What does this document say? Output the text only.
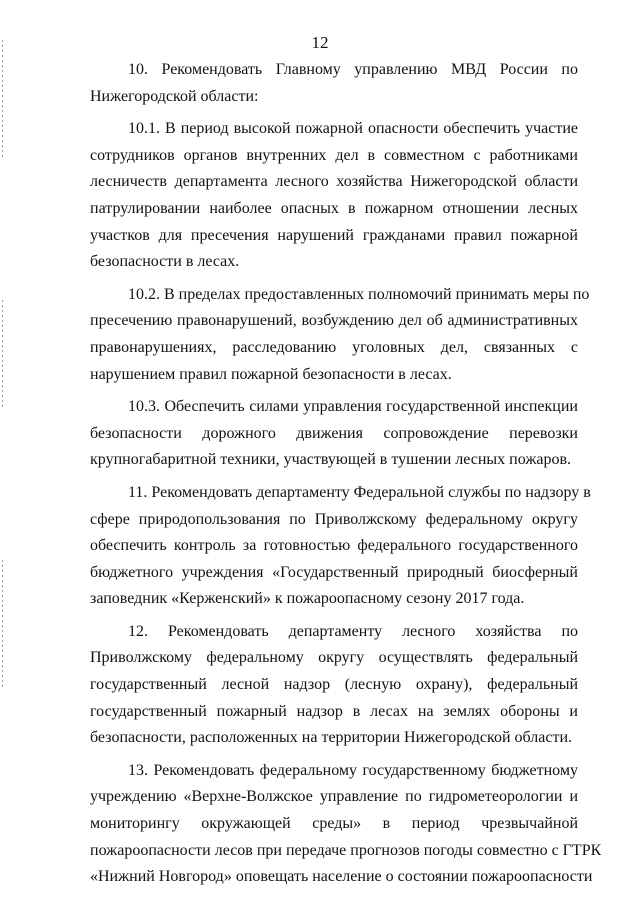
12
10. Рекомендовать Главному управлению МВД России по
Нижегородской области:
10.1. В период высокой пожарной опасности обеспечить участие
сотрудников органов внутренних дел в совместном с работниками
лесничеств департамента лесного хозяйства Нижегородской области
патрулировании наиболее опасных в пожарном отношении лесных
участков для пресечения нарушений гражданами правил пожарной
безопасности в лесах.
10.2. В пределах предоставленных полномочий принимать меры по
пресечению правонарушений, возбуждению дел об административных
правонарушениях, расследованию уголовных дел, связанных с
нарушением правил пожарной безопасности в лесах.
10.3. Обеспечить силами управления государственной инспекции
безопасности дорожного движения сопровождение перевозки
крупногабаритной техники, участвующей в тушении лесных пожаров.
11. Рекомендовать департаменту Федеральной службы по надзору в
сфере природопользования по Приволжскому федеральному округу
обеспечить контроль за готовностью федерального государственного
бюджетного учреждения «Государственный природный биосферный
заповедник «Керженский» к пожароопасному сезону 2017 года.
12. Рекомендовать департаменту лесного хозяйства по
Приволжскому федеральному округу осуществлять федеральный
государственный лесной надзор (лесную охрану), федеральный
государственный пожарный надзор в лесах на землях обороны и
безопасности, расположенных на территории Нижегородской области.
13. Рекомендовать федеральному государственному бюджетному
учреждению «Верхне-Волжское управление по гидрометеорологии и
мониторингу окружающей среды» в период чрезвычайной
пожароопасности лесов при передаче прогнозов погоды совместно с ГТРК
«Нижний Новгород» оповещать население о состоянии пожароопасности
